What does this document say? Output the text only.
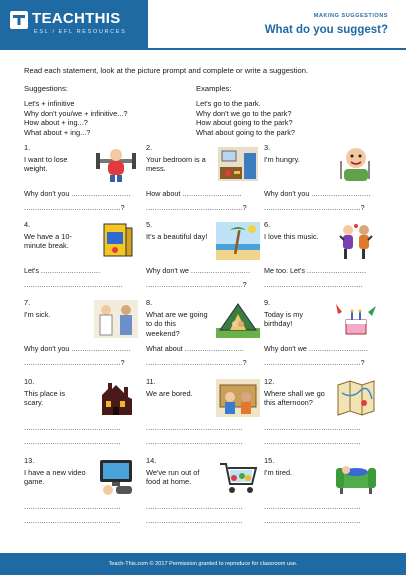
TEACHTHIS
ESL / EFL RESOURCES
MAKING SUGGESTIONS
What do you suggest?
Read each statement, look at the picture prompt and complete or write a suggestion.
Suggestions:	Examples:
Let's + infinitive
Why don't you/we + infinitive...?
How about + ing...?
What about + ing...?
Let's go to the park.
Why don't we go to the park?
How about going to the park?
What about going to the park?
1.
I want to lose weight.
Why don't you ...........................
............................................?
2.
Your bedroom is a mess.
How about ...........................
............................................?
3.
I'm hungry.
Why don't you ...........................
............................................?
4.
We have a 10-minute break.
Let's ...........................
.............................................
5.
It's a beautiful day!
Why don't we ...........................
............................................?
6.
I love this music.
Me too. Let's ...........................
.............................................
7.
I'm sick.
Why don't you ...........................
............................................?
8.
What are we going to do this weekend?
What about ...........................
............................................?
9.
Today is my birthday!
Why don't we ...........................
............................................?
10.
This place is scary.
............................................
............................................
11.
We are bored.
............................................
............................................
12.
Where shall we go this afternoon?
............................................
............................................
13.
I have a new video game.
............................................
............................................
14.
We've run out of food at home.
............................................
............................................
15.
I'm tired.
............................................
............................................
Teach-This.com © 2017 Permission granted to reproduce for classroom use.
